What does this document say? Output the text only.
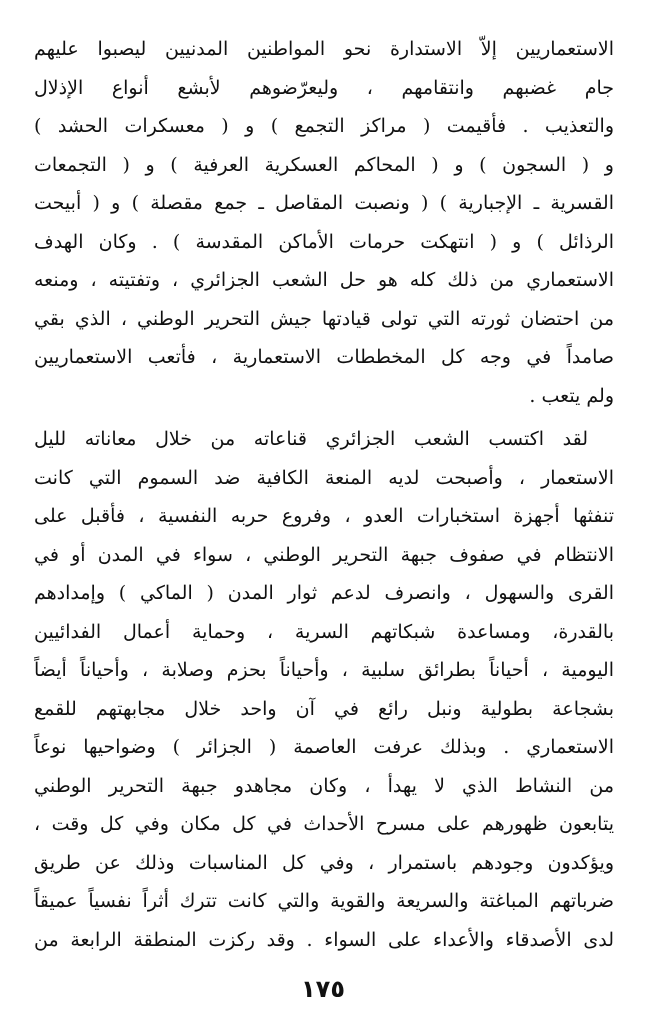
الاستعماريين إلاّ الاستدارة نحو المواطنين المدنيين ليصبوا عليهم
جام غضبهم وانتقامهم ، وليعرّضوهم لأبشع أنواع الإذلال
والتعذيب . فأقيمت ( مراكز التجمع ) و ( معسكرات الحشد )
و ( السجون ) و ( المحاكم العسكرية العرفية ) و ( التجمعات
القسرية ـ الإجبارية ) ( ونصبت المقاصل ـ جمع مقصلة ) و ( أبيحت
الرذائل ) و ( انتهكت حرمات الأماكن المقدسة ) . وكان الهدف
الاستعماري من ذلك كله هو حل الشعب الجزائري ، وتفتيته ، ومنعه
من احتضان ثورته التي تولى قيادتها جيش التحرير الوطني ، الذي بقي
صامداً في وجه كل المخططات الاستعمارية ، فأتعب الاستعماريين
ولم يتعب .
لقد اكتسب الشعب الجزائري قناعاته من خلال معاناته لليل
الاستعمار ، وأصبحت لديه المنعة الكافية ضد السموم التي كانت
تنفثها أجهزة استخبارات العدو ، وفروع حربه النفسية ، فأقبل على
الانتظام في صفوف جبهة التحرير الوطني ، سواء في المدن أو في
القرى والسهول ، وانصرف لدعم ثوار المدن ( الماكي ) وإمدادهم
بالقدرة، ومساعدة شبكاتهم السرية ، وحماية أعمال الفدائيين
اليومية ، أحياناً بطرائق سلبية ، وأحياناً بحزم وصلابة ، وأحياناً أيضاً
بشجاعة بطولية ونبل رائع في آن واحد خلال مجابهتهم للقمع
الاستعماري . وبذلك عرفت العاصمة ( الجزائر ) وضواحيها نوعاً
من النشاط الذي لا يهدأ ، وكان مجاهدو جبهة التحرير الوطني
يتابعون ظهورهم على مسرح الأحداث في كل مكان وفي كل وقت ،
ويؤكدون وجودهم باستمرار ، وفي كل المناسبات وذلك عن طريق
ضرباتهم المباغتة والسريعة والقوية والتي كانت تترك أثراً نفسياً عميقاً
لدى الأصدقاء والأعداء على السواء . وقد ركزت المنطقة الرابعة من
١٧٥
